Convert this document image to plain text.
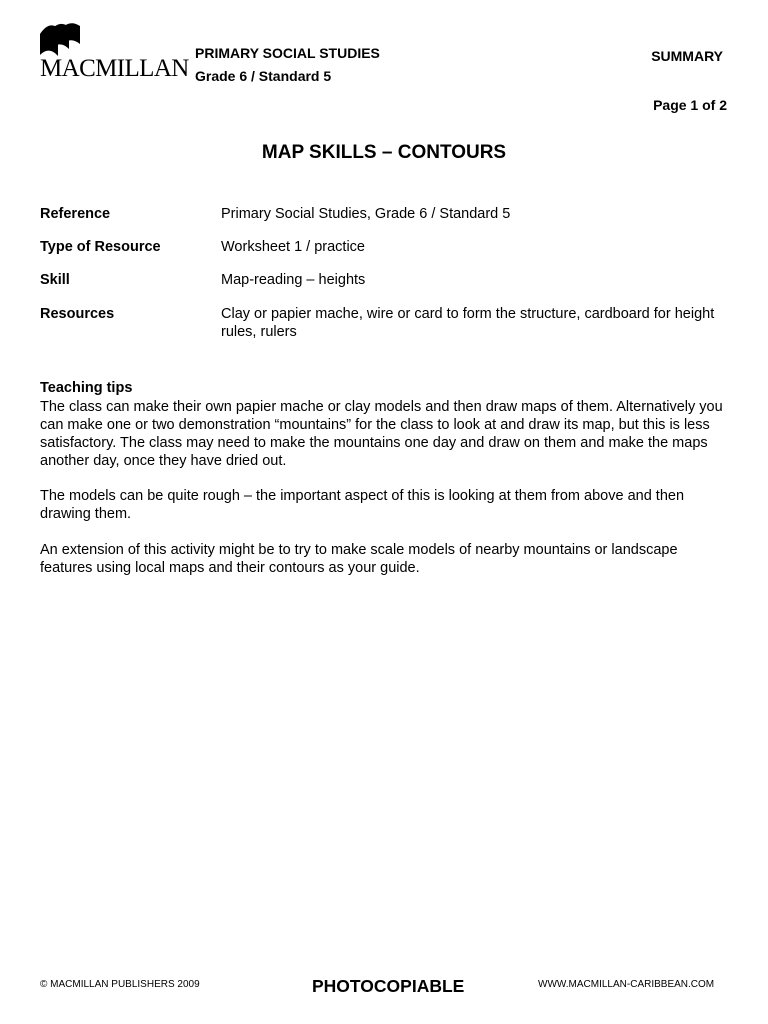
MACMILLAN
PRIMARY SOCIAL STUDIES
Grade 6 / Standard 5
SUMMARY
Page 1 of 2
MAP SKILLS – CONTOURS
Reference	Primary Social Studies, Grade 6 / Standard 5
Type of Resource	Worksheet 1 / practice
Skill	Map-reading – heights
Resources	Clay or papier mache, wire or card to form the structure, cardboard for height rules, rulers
Teaching tips
The class can make their own papier mache or clay models and then draw maps of them. Alternatively you can make one or two demonstration “mountains” for the class to look at and draw its map, but this is less satisfactory. The class may need to make the mountains one day and draw on them and make the maps another day, once they have dried out.
The models can be quite rough – the important aspect of this is looking at them from above and then drawing them.
An extension of this activity might be to try to make scale models of nearby mountains or landscape features using local maps and their contours as your guide.
© MACMILLAN PUBLISHERS 2009	PHOTOCOPIABLE	WWW.MACMILLAN-CARIBBEAN.COM
